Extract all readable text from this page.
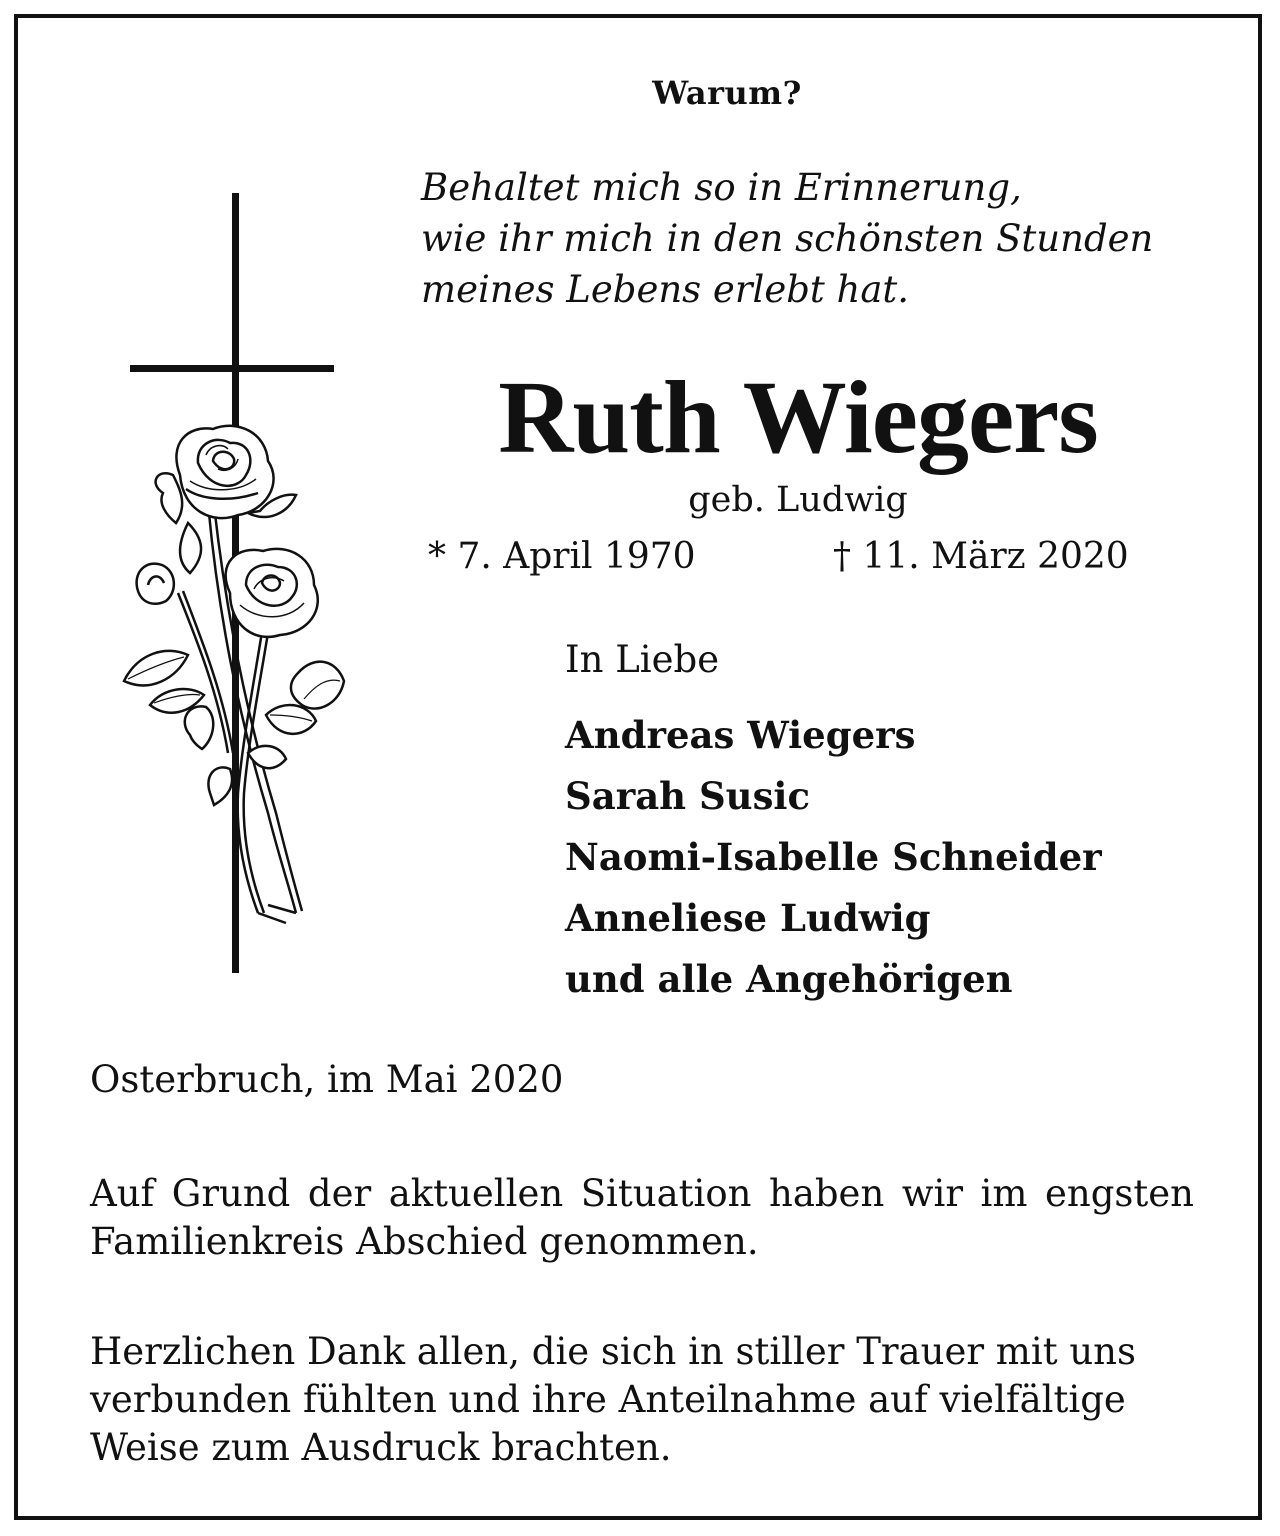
Warum?

Behaltet mich so in Erinnerung,
wie ihr mich in den schönsten Stunden
meines Lebens erlebt hat.
Ruth Wiegers

geb. Ludwig

* 7. April 1970	† 11. März 2020

In Liebe

Andreas Wiegers
Sarah Susic
Naomi-Isabelle Schneider
Anneliese Ludwig
und alle Angehörigen

Osterbruch, im Mai 2020

Auf Grund der aktuellen Situation haben wir im engsten Familienkreis Abschied genommen.

Herzlichen Dank allen, die sich in stiller Trauer mit uns verbunden fühlten und ihre Anteilnahme auf vielfältige Weise zum Ausdruck brachten.
